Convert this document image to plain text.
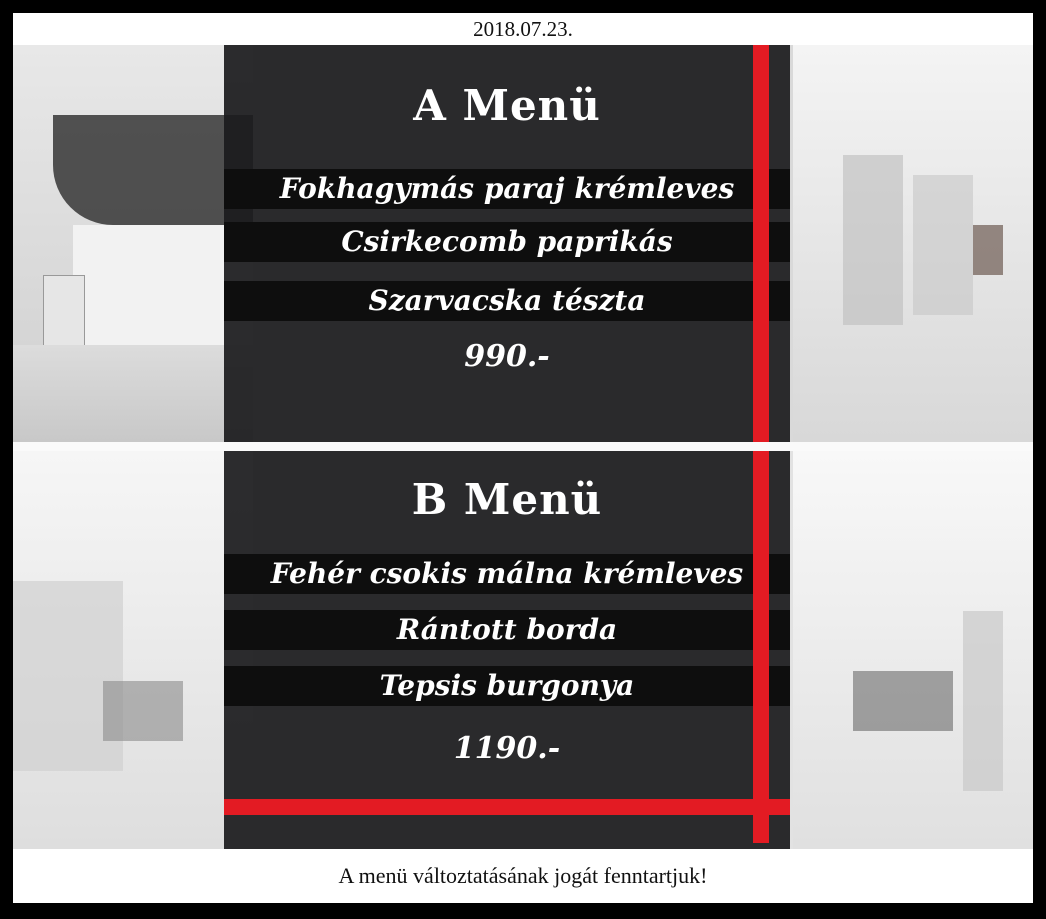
2018.07.23.
A Menü
Fokhagymás paraj krémleves
Csirkecomb paprikás
Szarvacska tészta
990.-
B Menü
Fehér csokis málna krémleves
Rántott borda
Tepsis burgonya
1190.-
A menü változtatásának jogát fenntartjuk!
